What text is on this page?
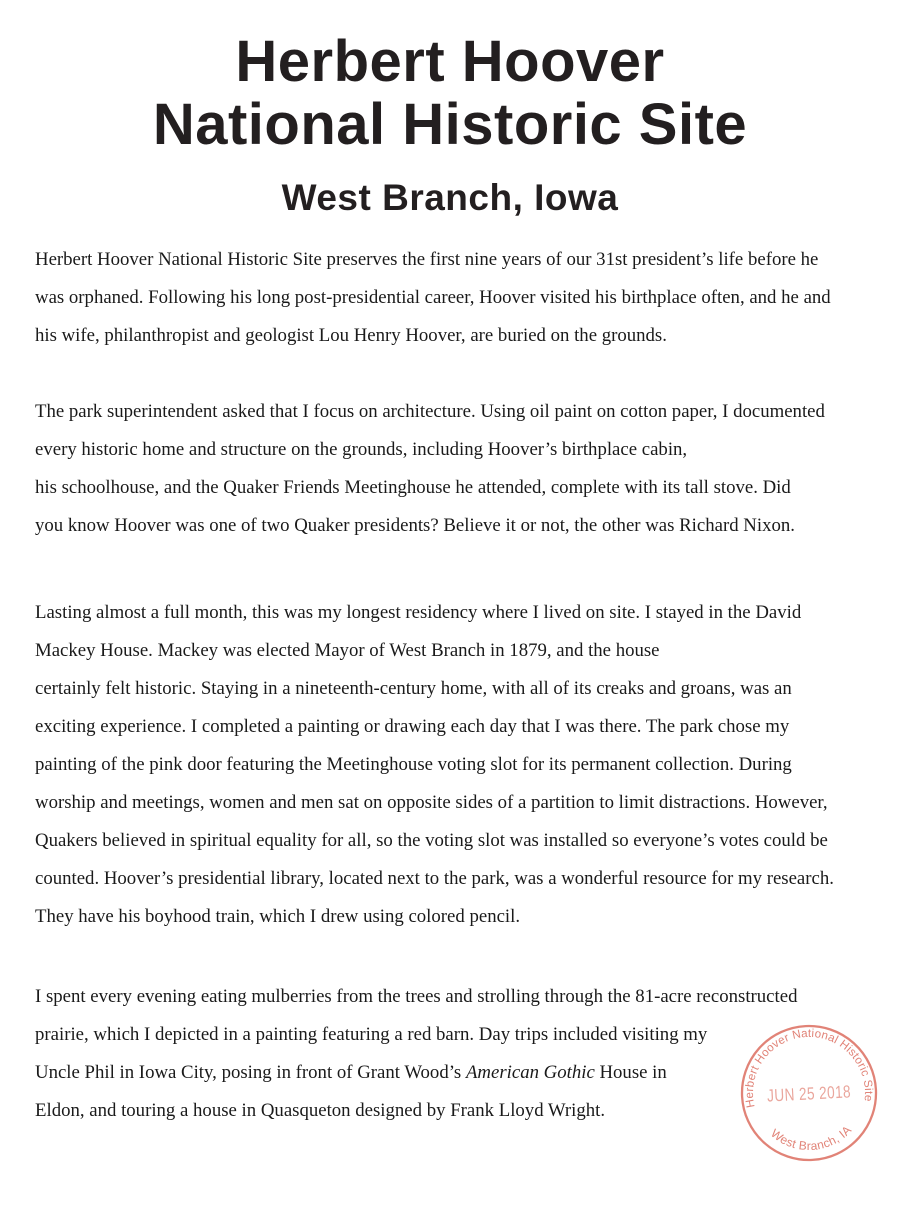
Herbert Hoover
National Historic Site
West Branch, Iowa
Herbert Hoover National Historic Site preserves the first nine years of our 31st president’s life before he
was orphaned. Following his long post-presidential career, Hoover visited his birthplace often, and he and
his wife, philanthropist and geologist Lou Henry Hoover, are buried on the grounds.
The park superintendent asked that I focus on architecture. Using oil paint on cotton paper, I documented
every historic home and structure on the grounds, including Hoover’s birthplace cabin,
his schoolhouse, and the Quaker Friends Meetinghouse he attended, complete with its tall stove. Did
you know Hoover was one of two Quaker presidents? Believe it or not, the other was Richard Nixon.
Lasting almost a full month, this was my longest residency where I lived on site. I stayed in the David
Mackey House. Mackey was elected Mayor of West Branch in 1879, and the house
certainly felt historic. Staying in a nineteenth-century home, with all of its creaks and groans, was an
exciting experience. I completed a painting or drawing each day that I was there. The park chose my
painting of the pink door featuring the Meetinghouse voting slot for its permanent collection. During
worship and meetings, women and men sat on opposite sides of a partition to limit distractions. However,
Quakers believed in spiritual equality for all, so the voting slot was installed so everyone’s votes could be
counted. Hoover’s presidential library, located next to the park, was a wonderful resource for my research.
They have his boyhood train, which I drew using colored pencil.
I spent every evening eating mulberries from the trees and strolling through the 81-acre reconstructed
prairie, which I depicted in a painting featuring a red barn. Day trips included visiting my
Uncle Phil in Iowa City, posing in front of Grant Wood’s American Gothic House in
Eldon, and touring a house in Quasqueton designed by Frank Lloyd Wright.	Herbert Hoover National Historic Site
West Branch, IA
JUN 25 2018
